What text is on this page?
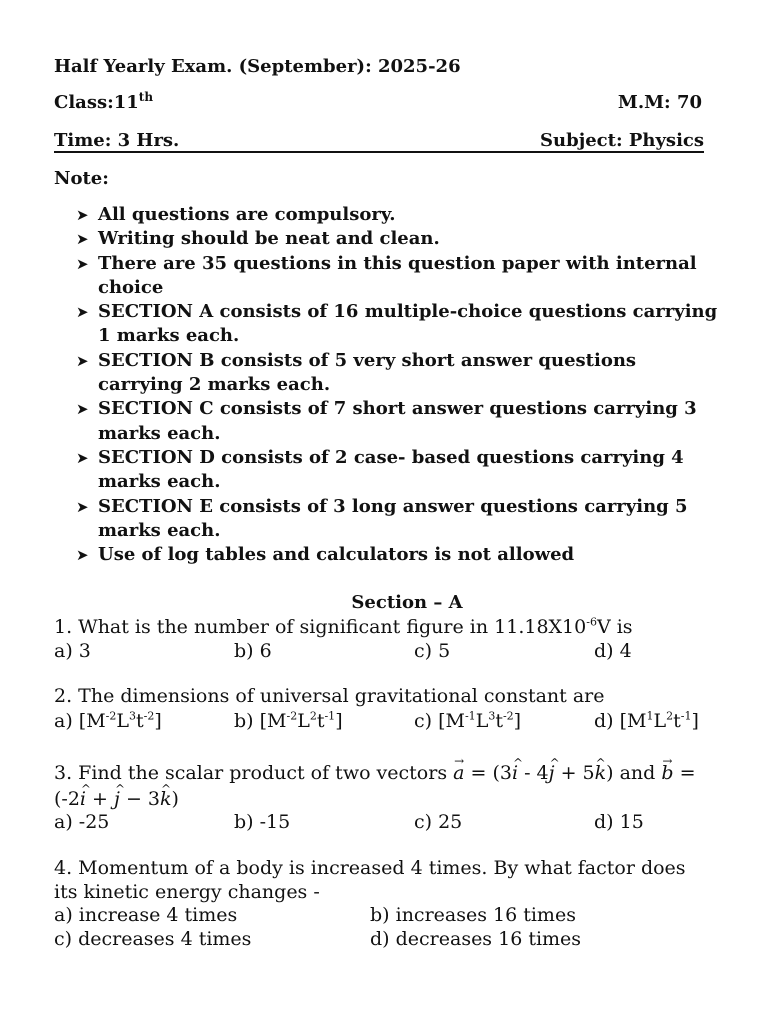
Half Yearly Exam. (September): 2025-26
Class:11th	M.M: 70
Time: 3 Hrs.	Subject: Physics
Note:
➤ All questions are compulsory.
➤ Writing should be neat and clean.
➤ There are 35 questions in this question paper with internal choice
➤ SECTION A consists of 16 multiple-choice questions carrying 1 marks each.
➤ SECTION B consists of 5 very short answer questions carrying 2 marks each.
➤ SECTION C consists of 7 short answer questions carrying 3 marks each.
➤ SECTION D consists of 2 case- based questions carrying 4 marks each.
➤ SECTION E consists of 3 long answer questions carrying 5 marks each.
➤ Use of log tables and calculators is not allowed
Section – A
1. What is the number of significant figure in $11.18X10^{-6}V$ is
a) 3	b) 6	c) 5	d) 4
2. The dimensions of universal gravitational constant are
a) $[M^{-2}L^3t^{-2}]$	b) $[M^{-2}L^2t^{-1}]$	c) $[M^{-1}L^3t^{-2}]$	d) $[M^1L^2t^{-1}]$
3. Find the scalar product of two vectors → a = (3^ i - 4^ j + 5^ k) and → b =
(-2^ i + ^ j − 3^ k)
a) -25	b) -15	c) 25	d) 15
4. Momentum of a body is increased 4 times. By what factor does its kinetic energy changes -
a) increase 4 times	b) increases 16 times
c) decreases 4 times	d) decreases 16 times
